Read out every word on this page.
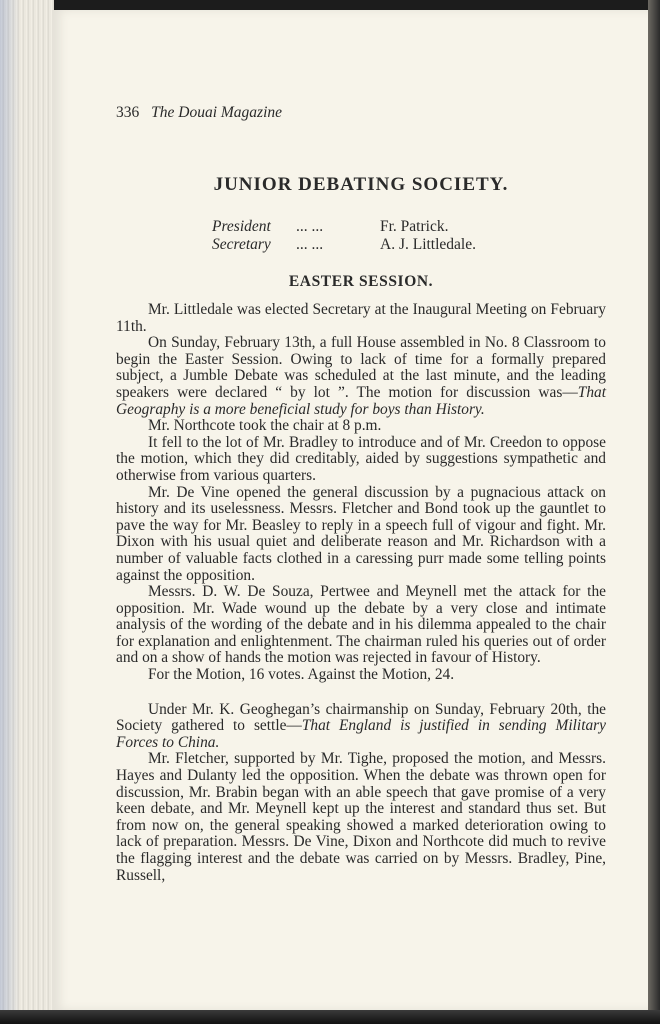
336 The Douai Magazine

JUNIOR DEBATING SOCIETY.
President	... ...	Fr. Patrick.
Secretary	... ...	A. J. Littledale.
EASTER SESSION.

Mr. Littledale was elected Secretary at the Inaugural Meeting on February 11th.

On Sunday, February 13th, a full House assembled in No. 8 Classroom to begin the Easter Session. Owing to lack of time for a formally prepared subject, a Jumble Debate was scheduled at the last minute, and the leading speakers were declared “ by lot ”. The motion for discussion was—That Geography is a more beneficial study for boys than History.

Mr. Northcote took the chair at 8 p.m.

It fell to the lot of Mr. Bradley to introduce and of Mr. Creedon to oppose the motion, which they did creditably, aided by suggestions sympathetic and otherwise from various quarters.

Mr. De Vine opened the general discussion by a pugnacious attack on history and its uselessness. Messrs. Fletcher and Bond took up the gauntlet to pave the way for Mr. Beasley to reply in a speech full of vigour and fight. Mr. Dixon with his usual quiet and deliberate reason and Mr. Richardson with a number of valuable facts clothed in a caressing purr made some telling points against the opposition.

Messrs. D. W. De Souza, Pertwee and Meynell met the attack for the opposition. Mr. Wade wound up the debate by a very close and intimate analysis of the wording of the debate and in his dilemma appealed to the chair for explanation and enlightenment. The chairman ruled his queries out of order and on a show of hands the motion was rejected in favour of History.

For the Motion, 16 votes. Against the Motion, 24.

Under Mr. K. Geoghegan’s chairmanship on Sunday, February 20th, the Society gathered to settle—That England is justified in sending Military Forces to China.

Mr. Fletcher, supported by Mr. Tighe, proposed the motion, and Messrs. Hayes and Dulanty led the opposition. When the debate was thrown open for discussion, Mr. Brabin began with an able speech that gave promise of a very keen debate, and Mr. Meynell kept up the interest and standard thus set. But from now on, the general speaking showed a marked deterioration owing to lack of preparation. Messrs. De Vine, Dixon and Northcote did much to revive the flagging interest and the debate was carried on by Messrs. Bradley, Pine, Russell,
